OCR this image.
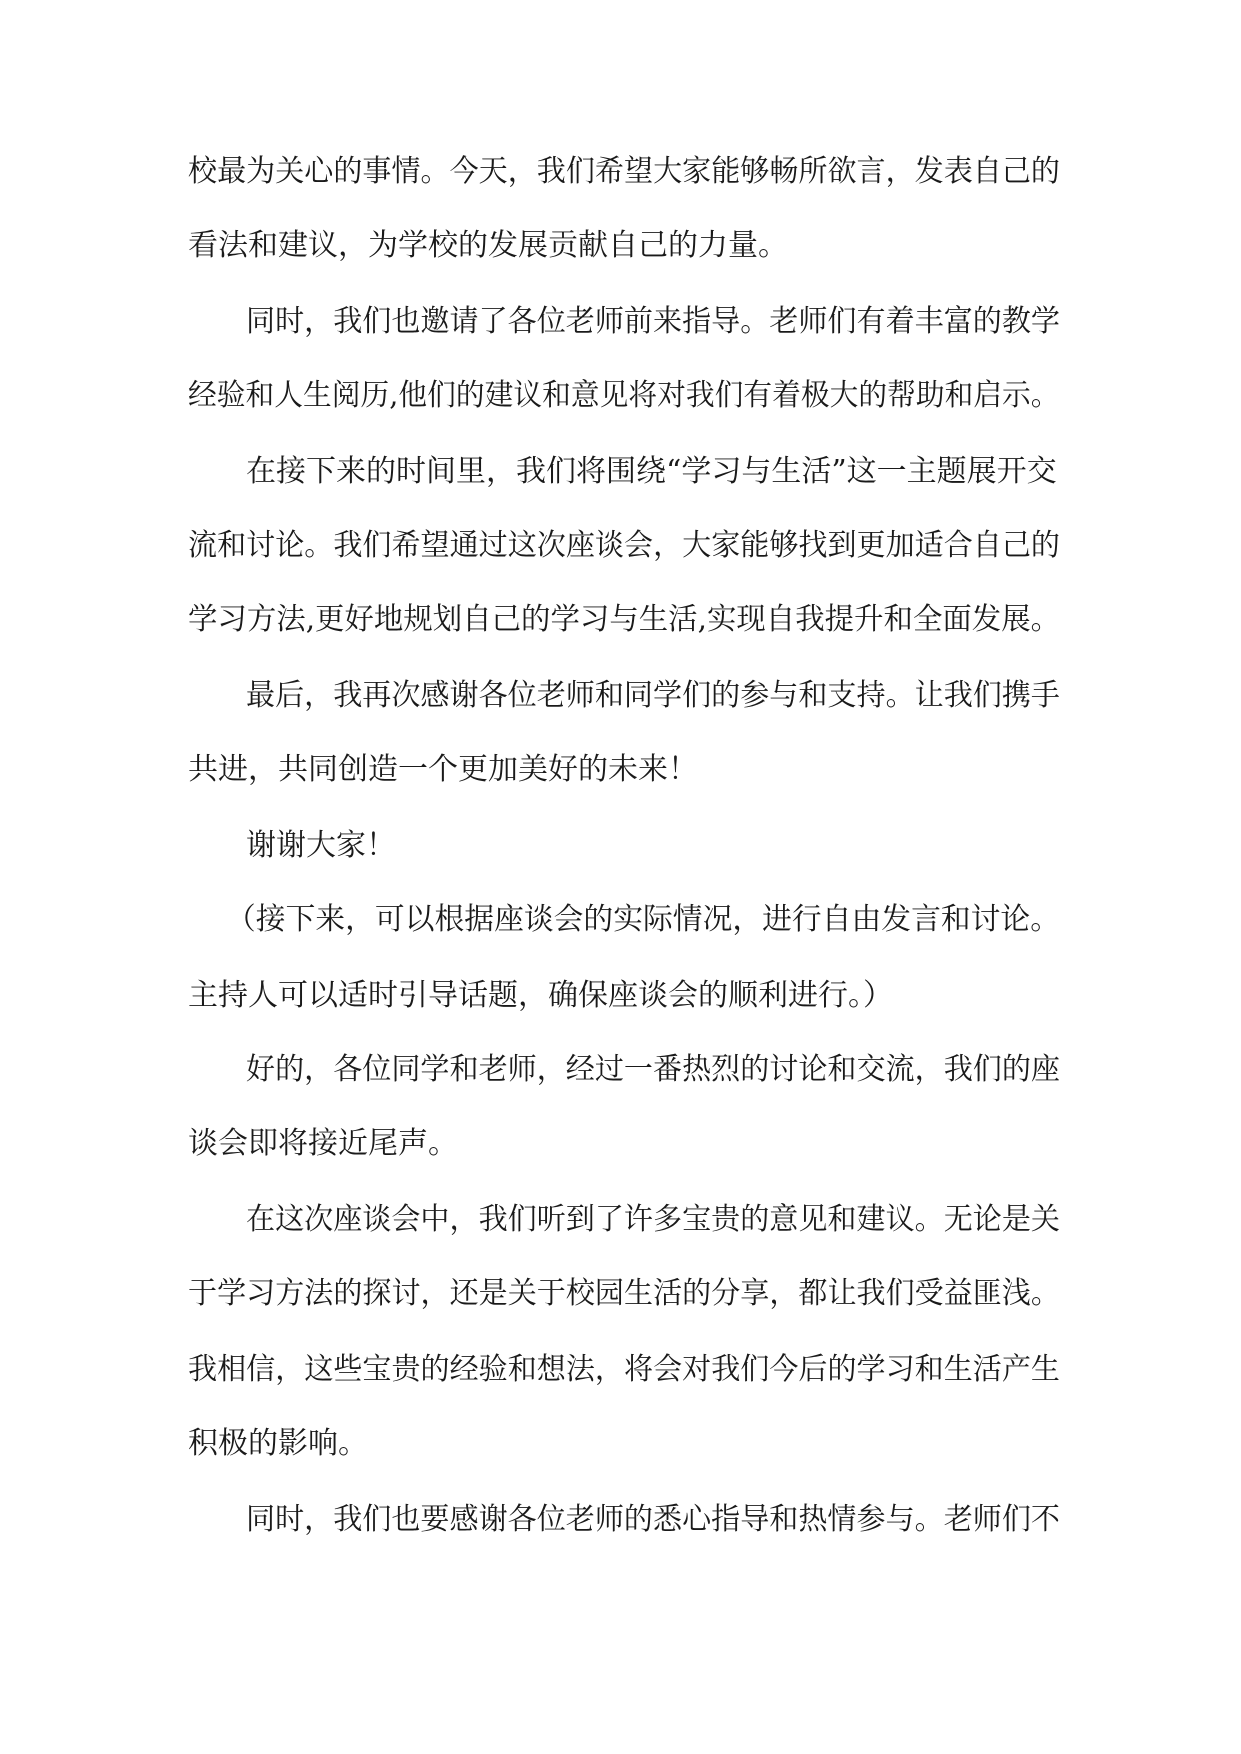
校最为关心的事情。今天，我们希望大家能够畅所欲言，发表自己的
看法和建议，为学校的发展贡献自己的力量。
同时，我们也邀请了各位老师前来指导。老师们有着丰富的教学
经验和人生阅历,他们的建议和意见将对我们有着极大的帮助和启示。
在接下来的时间里，我们将围绕“学习与生活”这一主题展开交
流和讨论。我们希望通过这次座谈会，大家能够找到更加适合自己的
学习方法,更好地规划自己的学习与生活,实现自我提升和全面发展。
最后，我再次感谢各位老师和同学们的参与和支持。让我们携手
共进，共同创造一个更加美好的未来！
谢谢大家！
（接下来，可以根据座谈会的实际情况，进行自由发言和讨论。
主持人可以适时引导话题，确保座谈会的顺利进行。）
好的，各位同学和老师，经过一番热烈的讨论和交流，我们的座
谈会即将接近尾声。
在这次座谈会中，我们听到了许多宝贵的意见和建议。无论是关
于学习方法的探讨，还是关于校园生活的分享，都让我们受益匪浅。
我相信，这些宝贵的经验和想法，将会对我们今后的学习和生活产生
积极的影响。
同时，我们也要感谢各位老师的悉心指导和热情参与。老师们不
